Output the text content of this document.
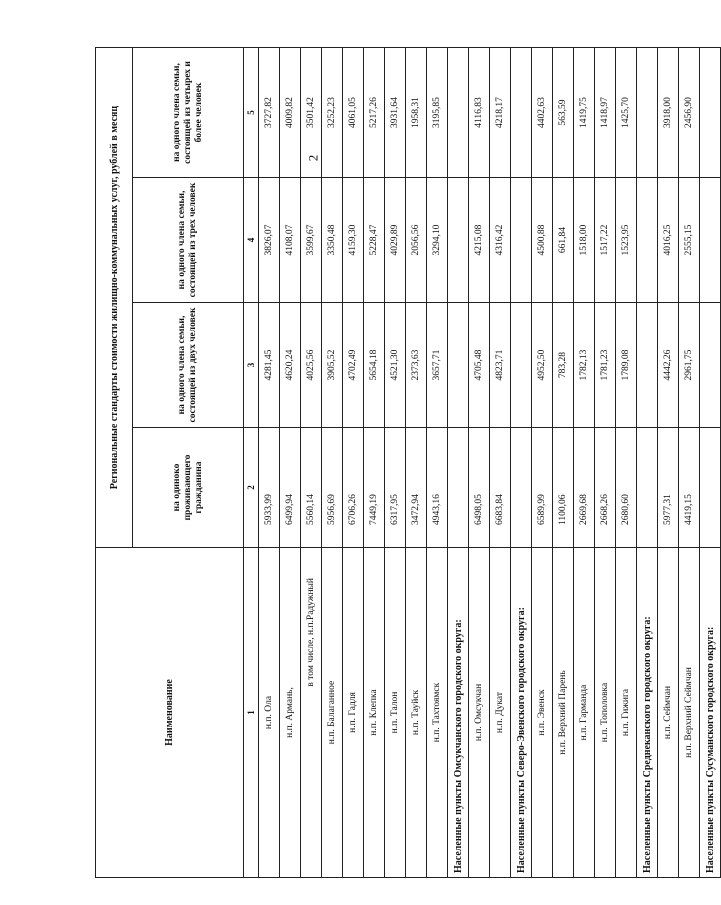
2
Наименование	Региональные стандарты стоимости жилищно-коммунальных услуг, рублей в месяц			
	на одиноко проживающего гражданина	на одного члена семьи, состоящей из двух человек	на одного члена семьи, состоящей из трех человек	на одного члена семьи, состоящей из четырех и более человек
1	2	3	4	5
н.п. Ола	5933,99	4281,45	3826,07	3727,82
н.п. Армань,	6499,94	4620,24	4108,07	4009,82
в том числе, н.п.Радужный	5560,14	4025,56	3599,67	3501,42
н.п. Балаганное	5956,69	3905,52	3350,48	3252,23
н.п. Гадля	6706,26	4702,49	4159,30	4061,05
н.п. Клепка	7449,19	5654,18	5228,47	5217,26
н.п. Талон	6317,95	4521,30	4029,89	3931,64
н.п. Тауйск	3472,94	2373,63	2056,56	1958,31
н.п. Тахтоямск	4943,16	3657,71	3294,10	3195,85
Населенные пункты Омсукчанского городского округа:				
н.п. Омсукчан	6498,05	4705,48	4215,08	4116,83
н.п. Дукат	6683,84	4823,71	4316,42	4218,17
Населенные пункты Северо-Эвенского городского округа:				
н.п. Эвенск	6589,99	4952,50	4500,88	4402,63
н.п. Верхний Парень	1100,06	783,28	661,84	563,59
н.п. Гарманда	2669,68	1782,13	1518,00	1419,75
н.п. Тополовка	2668,26	1781,23	1517,22	1418,97
н.п. Гижига	2680,60	1789,08	1523,95	1425,70
Населенные пункты Среднеканского городского округа:				
н.п. Сеймчан	5977,31	4442,26	4016,25	3918,00
н.п. Верхний Сеймчан	4419,15	2961,75	2555,15	2456,90
Населенные пункты Сусуманского городского округа:				
